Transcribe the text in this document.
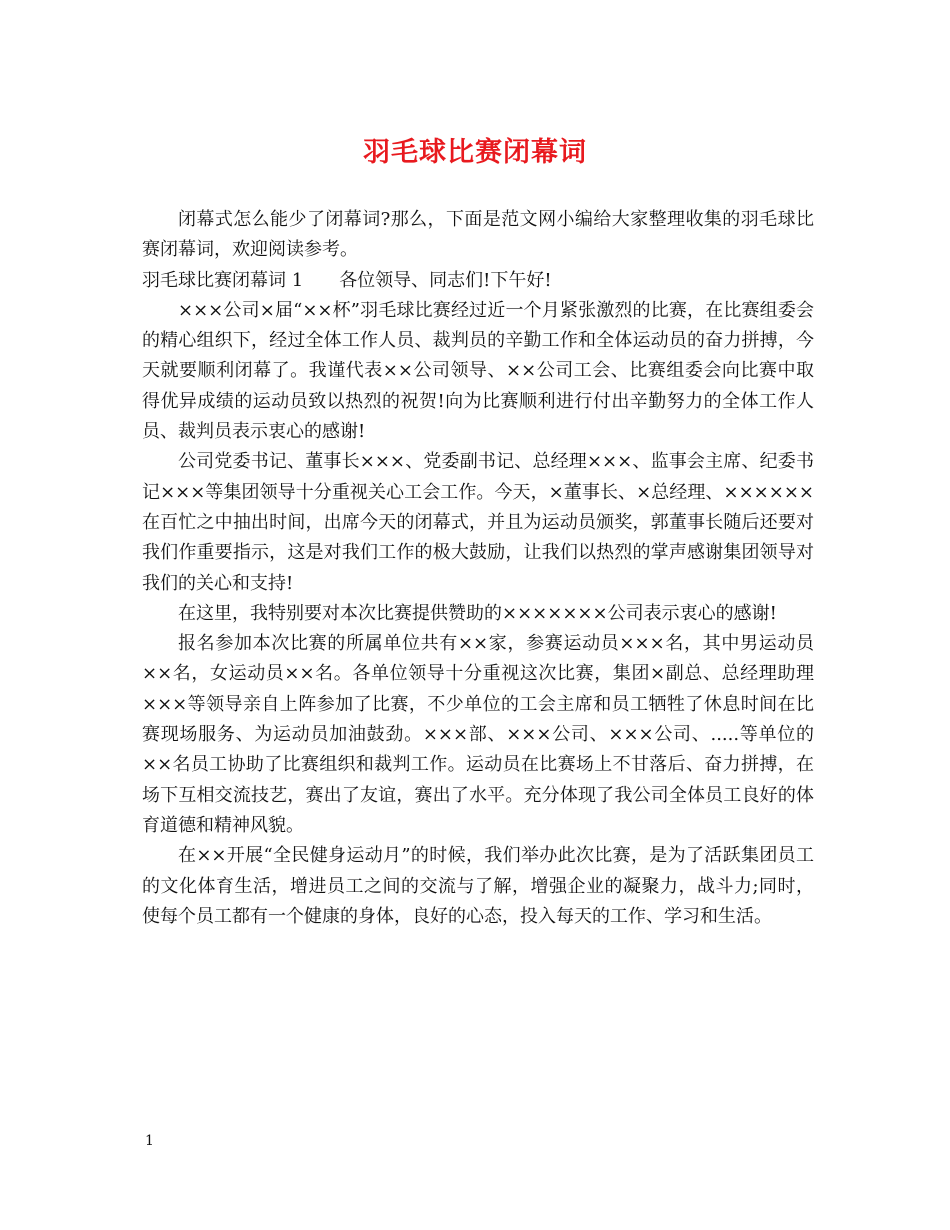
羽毛球比赛闭幕词

闭幕式怎么能少了闭幕词?那么，下面是范文网小编给大家整理收集的羽毛球比赛闭幕词，欢迎阅读参考。

羽毛球比赛闭幕词 1 各位领导、同志们!下午好!

×××公司×届“××杯”羽毛球比赛经过近一个月紧张激烈的比赛，在比赛组委会的精心组织下，经过全体工作人员、裁判员的辛勤工作和全体运动员的奋力拼搏，今天就要顺利闭幕了。我谨代表××公司领导、××公司工会、比赛组委会向比赛中取得优异成绩的运动员致以热烈的祝贺!向为比赛顺利进行付出辛勤努力的全体工作人员、裁判员表示衷心的感谢!

公司党委书记、董事长×××、党委副书记、总经理×××、监事会主席、纪委书记×××等集团领导十分重视关心工会工作。今天，×董事长、×总经理、××××××在百忙之中抽出时间，出席今天的闭幕式，并且为运动员颁奖，郭董事长随后还要对我们作重要指示，这是对我们工作的极大鼓励，让我们以热烈的掌声感谢集团领导对我们的关心和支持!

在这里，我特别要对本次比赛提供赞助的×××××××公司表示衷心的感谢!

报名参加本次比赛的所属单位共有××家，参赛运动员×××名，其中男运动员××名，女运动员××名。各单位领导十分重视这次比赛，集团×副总、总经理助理×××等领导亲自上阵参加了比赛，不少单位的工会主席和员工牺牲了休息时间在比赛现场服务、为运动员加油鼓劲。×××部、×××公司、×××公司、.....等单位的××名员工协助了比赛组织和裁判工作。运动员在比赛场上不甘落后、奋力拼搏，在场下互相交流技艺，赛出了友谊，赛出了水平。充分体现了我公司全体员工良好的体育道德和精神风貌。

在××开展“全民健身运动月”的时候，我们举办此次比赛，是为了活跃集团员工的文化体育生活，增进员工之间的交流与了解，增强企业的凝聚力，战斗力;同时，使每个员工都有一个健康的身体，良好的心态，投入每天的工作、学习和生活。

1
